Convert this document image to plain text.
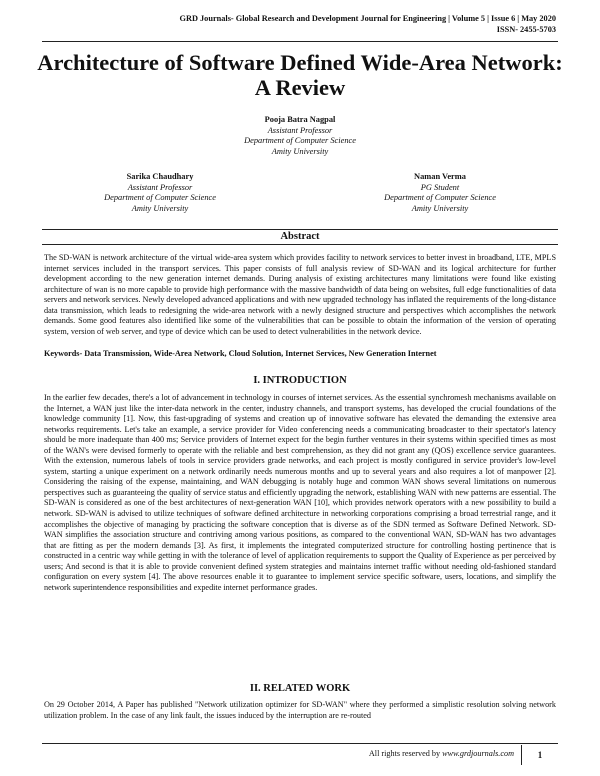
GRD Journals- Global Research and Development Journal for Engineering | Volume 5 | Issue 6 | May 2020
ISSN- 2455-5703
Architecture of Software Defined Wide-Area Network: A Review
Pooja Batra Nagpal
Assistant Professor
Department of Computer Science
Amity University
Sarika Chaudhary
Assistant Professor
Department of Computer Science
Amity University
Naman Verma
PG Student
Department of Computer Science
Amity University
Abstract

The SD-WAN is network architecture of the virtual wide-area system which provides facility to network services to better invest in broadband, LTE, MPLS internet services included in the transport services. This paper consists of full analysis review of SD-WAN and its logical architecture for further development according to the new generation internet demands. During analysis of existing architectures many limitations were found like existing architecture of wan is no more capable to provide high performance with the massive bandwidth of data being on websites, full edge functionalities of data servers and network services. Newly developed advanced applications and with new upgraded technology has inflated the requirements of the long-distance data transmission, which leads to redesigning the wide-area network with a newly designed structure and perspectives which accomplishes the network demands. Some good features also identified like some of the vulnerabilities that can be possible to obtain the information of the version of operating system, version of web server, and type of device which can be used to detect vulnerabilities in the network device.

Keywords- Data Transmission, Wide-Area Network, Cloud Solution, Internet Services, New Generation Internet

I. INTRODUCTION

In the earlier few decades, there's a lot of advancement in technology in courses of internet services. As the essential synchromesh mechanisms available on the Internet, a WAN just like the inter-data network in the center, industry channels, and transport systems, has developed the crucial foundations of the knowledge community [1]. Now, this fast-upgrading of systems and creation up of innovative software has elevated the demanding the extensive area networks requirements. Let's take an example, a service provider for Video conferencing needs a communicating broadcaster to their spectator's latency should be more inadequate than 400 ms; Service providers of Internet expect for the begin further ventures in their systems within specified times as most of the WAN's were devised formerly to operate with the reliable and best comprehension, as they did not grant any (QOS) excellence service guarantees. With the extension, numerous labels of tools in service providers grade networks, and each project is mostly configured in service provider's low-level system, starting a unique experiment on a network ordinarily needs numerous months and up to several years and also requires a lot of manpower [2]. Considering the raising of the expense, maintaining, and WAN debugging is notably huge and common WAN shows several limitations on numerous perspectives such as guaranteeing the quality of service status and efficiently upgrading the network, establishing WAN with new patterns are essential. The SD-WAN is considered as one of the best architectures of next-generation WAN [10], which provides network operators with a new possibility to build a network. SD-WAN is advised to utilize techniques of software defined architecture in networking corporations comprising a broad terrestrial range, and it accomplishes the objective of managing by practicing the software conception that is diverse as of the SDN termed as Software Defined Network. SD-WAN simplifies the association structure and contriving among various positions, as compared to the conventional WAN, SD-WAN has two advantages that are fitting as per the modern demands [3]. As first, it implements the integrated computerized structure for controlling hosting pertinence that is constructed in a centric way while getting in with the tolerance of level of application requirements to support the Quality of Experience as per perceived by users; And second is that it is able to provide convenient defined system strategies and maintains internet traffic without needing old-fashioned standard configuration on every system [4]. The above resources enable it to guarantee to implement service specific software, users, locations, and simplify the network superintendence responsibilities and expedite internet performance grades.

II. RELATED WORK

On 29 October 2014, A Paper has published "Network utilization optimizer for SD-WAN" where they performed a simplistic resolution solving network utilization problem. In the case of any link fault, the issues induced by the interruption are re-routed

All rights reserved by www.grdjournals.com	1
